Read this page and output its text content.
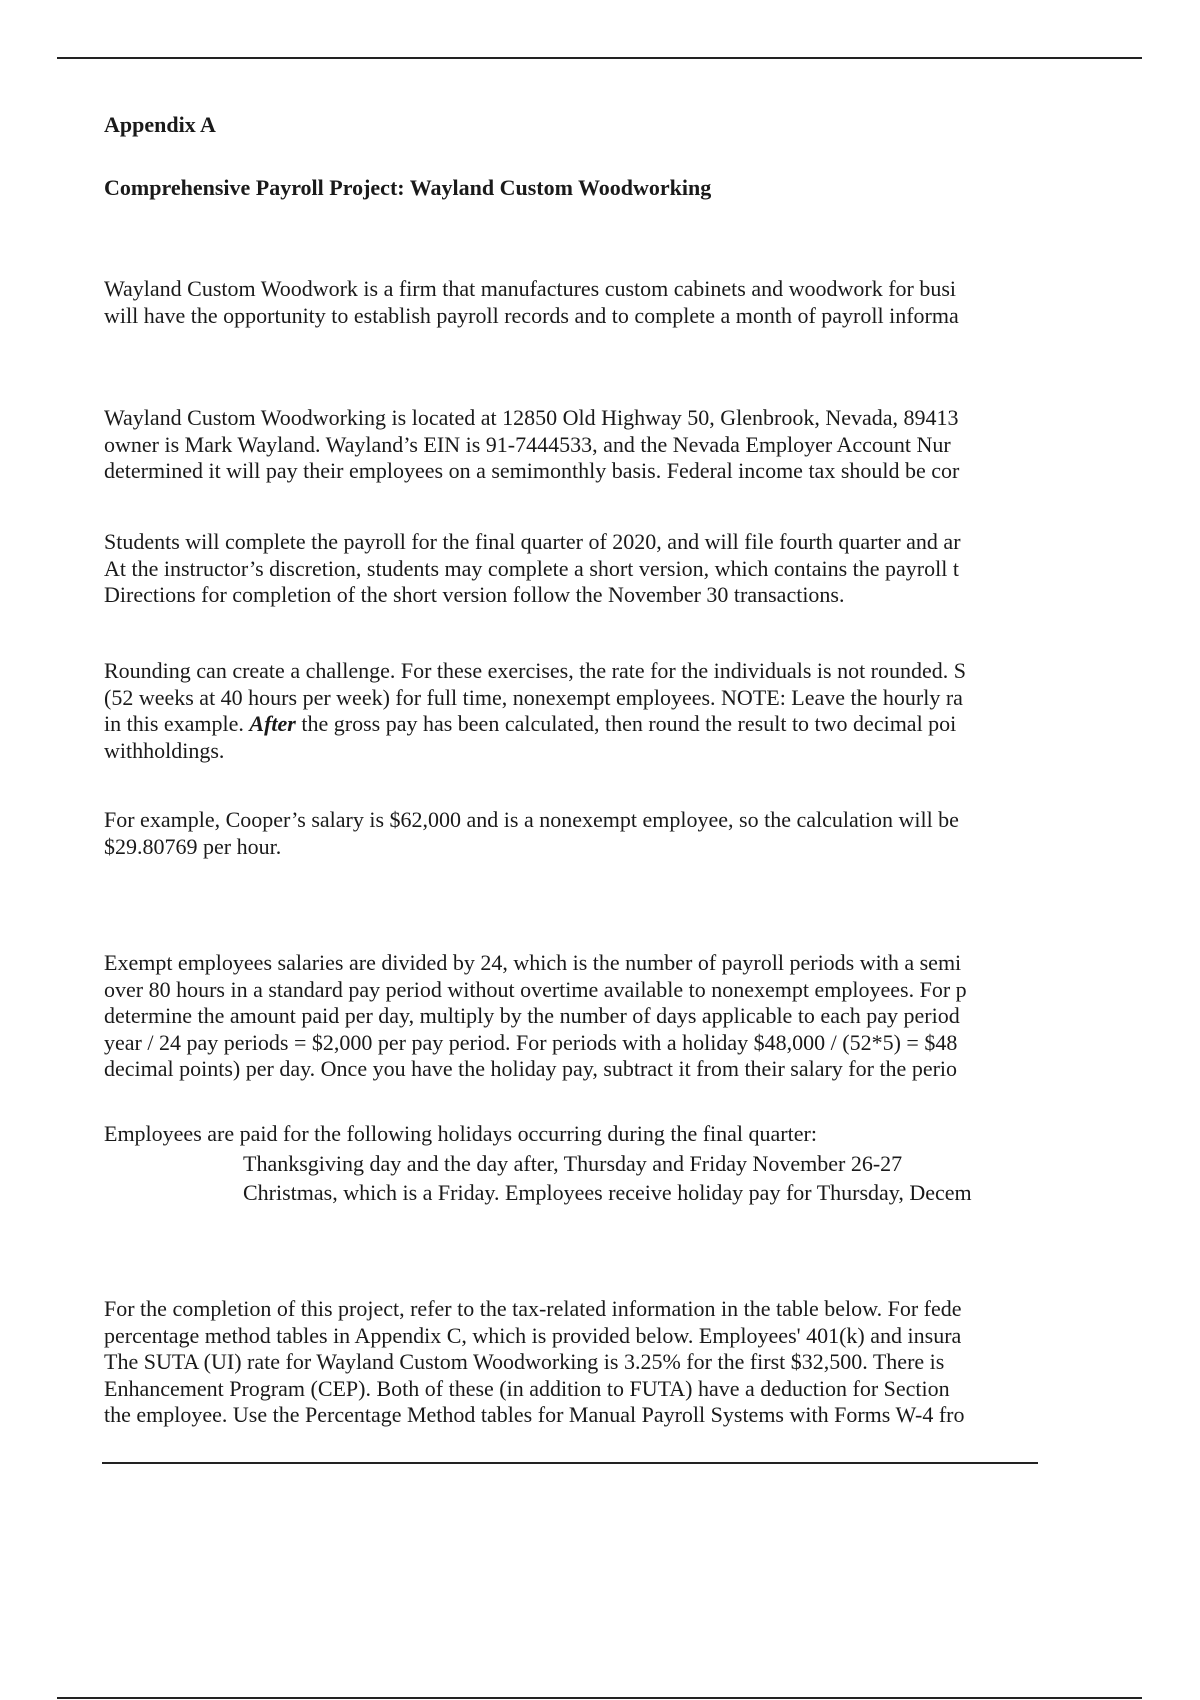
Appendix A
Comprehensive Payroll Project: Wayland Custom Woodworking
Wayland Custom Woodwork is a firm that manufactures custom cabinets and woodwork for busi
will have the opportunity to establish payroll records and to complete a month of payroll informa
Wayland Custom Woodworking is located at 12850 Old Highway 50, Glenbrook, Nevada, 89413
owner is Mark Wayland. Wayland’s EIN is 91-7444533, and the Nevada Employer Account Nur
determined it will pay their employees on a semimonthly basis. Federal income tax should be cor
Students will complete the payroll for the final quarter of 2020, and will file fourth quarter and ar
At the instructor’s discretion, students may complete a short version, which contains the payroll t
Directions for completion of the short version follow the November 30 transactions.
Rounding can create a challenge. For these exercises, the rate for the individuals is not rounded. S
(52 weeks at 40 hours per week) for full time, nonexempt employees. NOTE: Leave the hourly ra
in this example. After the gross pay has been calculated, then round the result to two decimal poi
withholdings.
For example, Cooper’s salary is $62,000 and is a nonexempt employee, so the calculation will be
$29.80769 per hour.
Exempt employees salaries are divided by 24, which is the number of payroll periods with a semi
over 80 hours in a standard pay period without overtime available to nonexempt employees. For p
determine the amount paid per day, multiply by the number of days applicable to each pay period
year / 24 pay periods = $2,000 per pay period. For periods with a holiday $48,000 / (52*5) = $48
decimal points) per day. Once you have the holiday pay, subtract it from their salary for the perio
Employees are paid for the following holidays occurring during the final quarter:
Thanksgiving day and the day after, Thursday and Friday November 26-27
Christmas, which is a Friday. Employees receive holiday pay for Thursday, Decem
For the completion of this project, refer to the tax-related information in the table below. For fede
percentage method tables in Appendix C, which is provided below. Employees' 401(k) and insura
The SUTA (UI) rate for Wayland Custom Woodworking is 3.25% for the first $32,500. There is
Enhancement Program (CEP). Both of these (in addition to FUTA) have a deduction for Section
the employee. Use the Percentage Method tables for Manual Payroll Systems with Forms W-4 fro
